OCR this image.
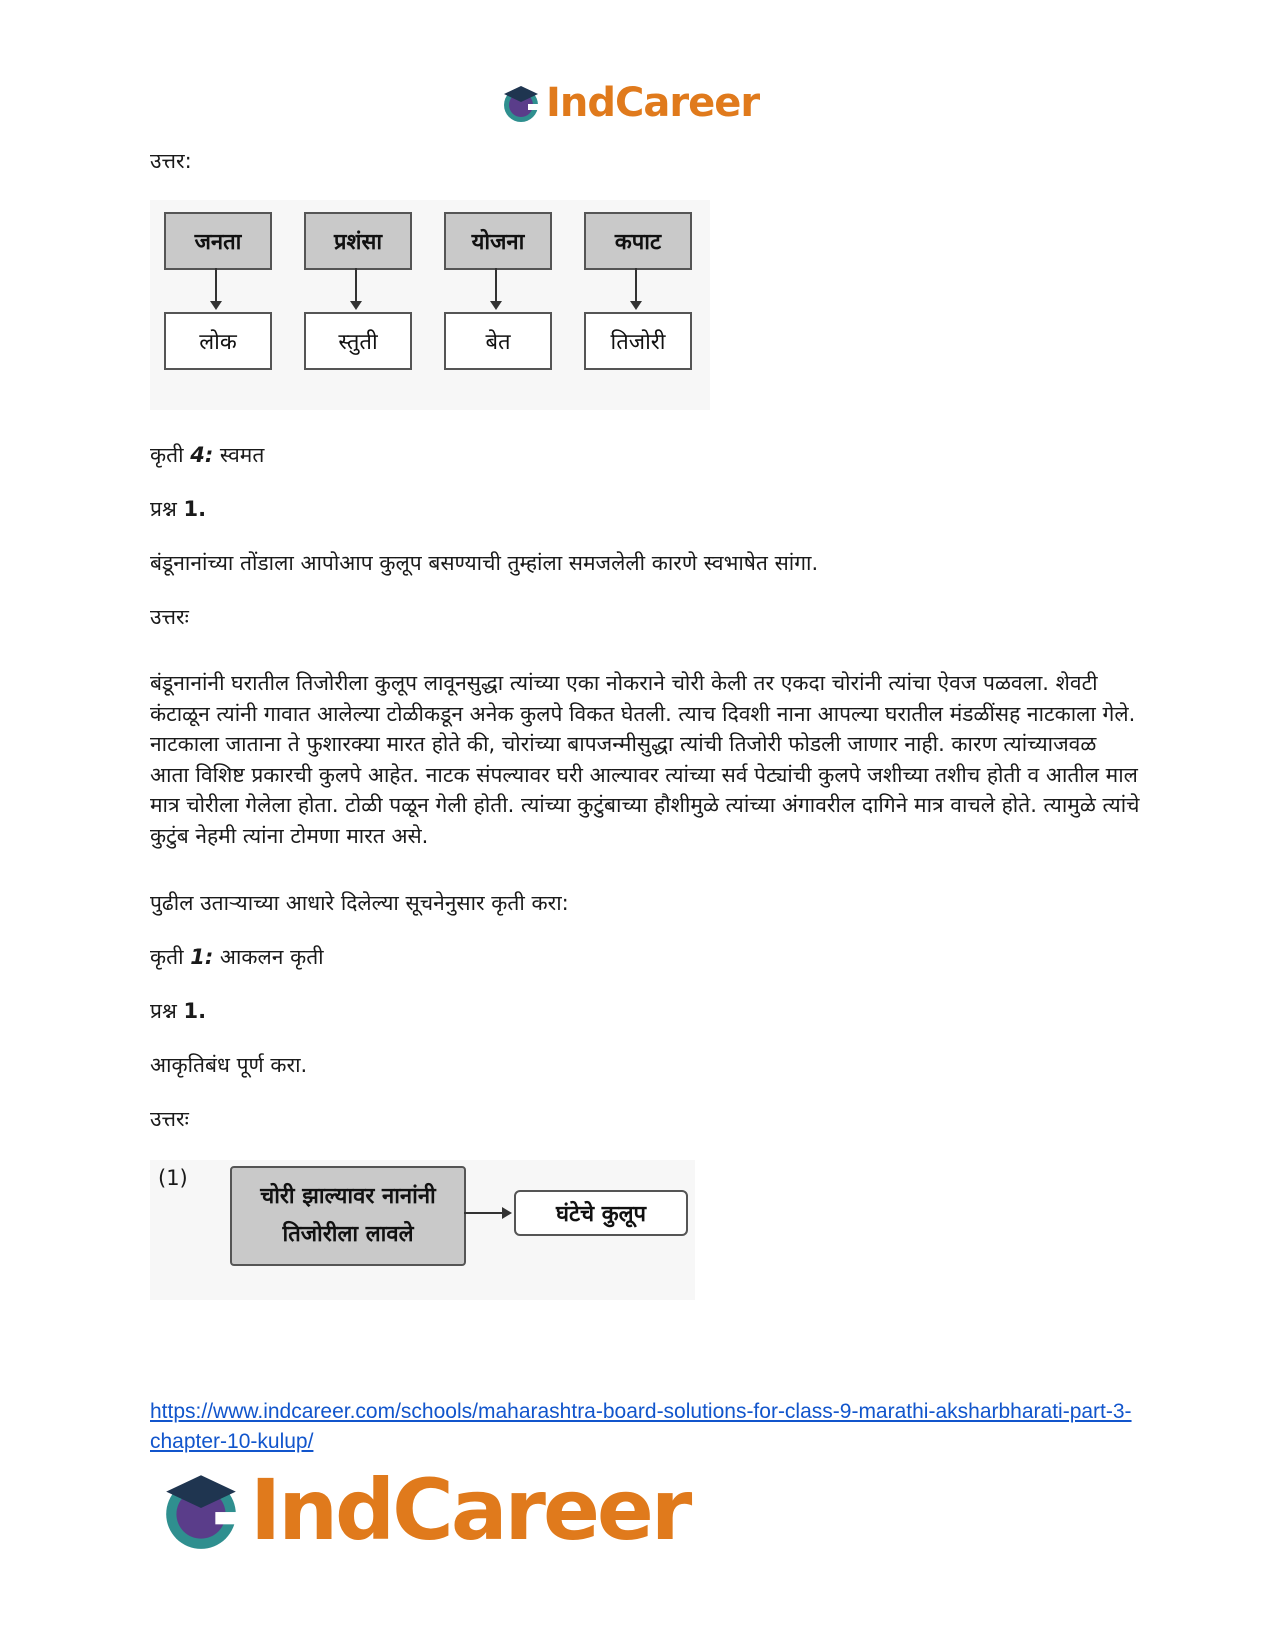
IndCareer
उत्तर:
जनता
लोक
प्रशंसा
स्तुती
योजना
बेत
कपाट
तिजोरी
कृती 4: स्वमत
प्रश्न 1.
बंडूनानांच्या तोंडाला आपोआप कुलूप बसण्याची तुम्हांला समजलेली कारणे स्वभाषेत सांगा.
उत्तरः
बंडूनानांनी घरातील तिजोरीला कुलूप लावूनसुद्धा त्यांच्या एका नोकराने चोरी केली तर एकदा चोरांनी त्यांचा ऐवज पळवला. शेवटी कंटाळून त्यांनी गावात आलेल्या टोळीकडून अनेक कुलपे विकत घेतली. त्याच दिवशी नाना आपल्या घरातील मंडळींसह नाटकाला गेले. नाटकाला जाताना ते फुशारक्या मारत होते की, चोरांच्या बापजन्मीसुद्धा त्यांची तिजोरी फोडली जाणार नाही. कारण त्यांच्याजवळ आता विशिष्ट प्रकारची कुलपे आहेत. नाटक संपल्यावर घरी आल्यावर त्यांच्या सर्व पेट्यांची कुलपे जशीच्या तशीच होती व आतील माल मात्र चोरीला गेलेला होता. टोळी पळून गेली होती. त्यांच्या कुटुंबाच्या हौशीमुळे त्यांच्या अंगावरील दागिने मात्र वाचले होते. त्यामुळे त्यांचे कुटुंब नेहमी त्यांना टोमणा मारत असे.
पुढील उताऱ्याच्या आधारे दिलेल्या सूचनेनुसार कृती करा:
कृती 1: आकलन कृती
प्रश्न 1.
आकृतिबंध पूर्ण करा.
उत्तरः
(1)
चोरी झाल्यावर नानांनी
तिजोरीला लावले
घंटेचे कुलूप
https://www.indcareer.com/schools/maharashtra-board-solutions-for-class-9-marathi-aksharbharati-part-3-chapter-10-kulup/
IndCareer
